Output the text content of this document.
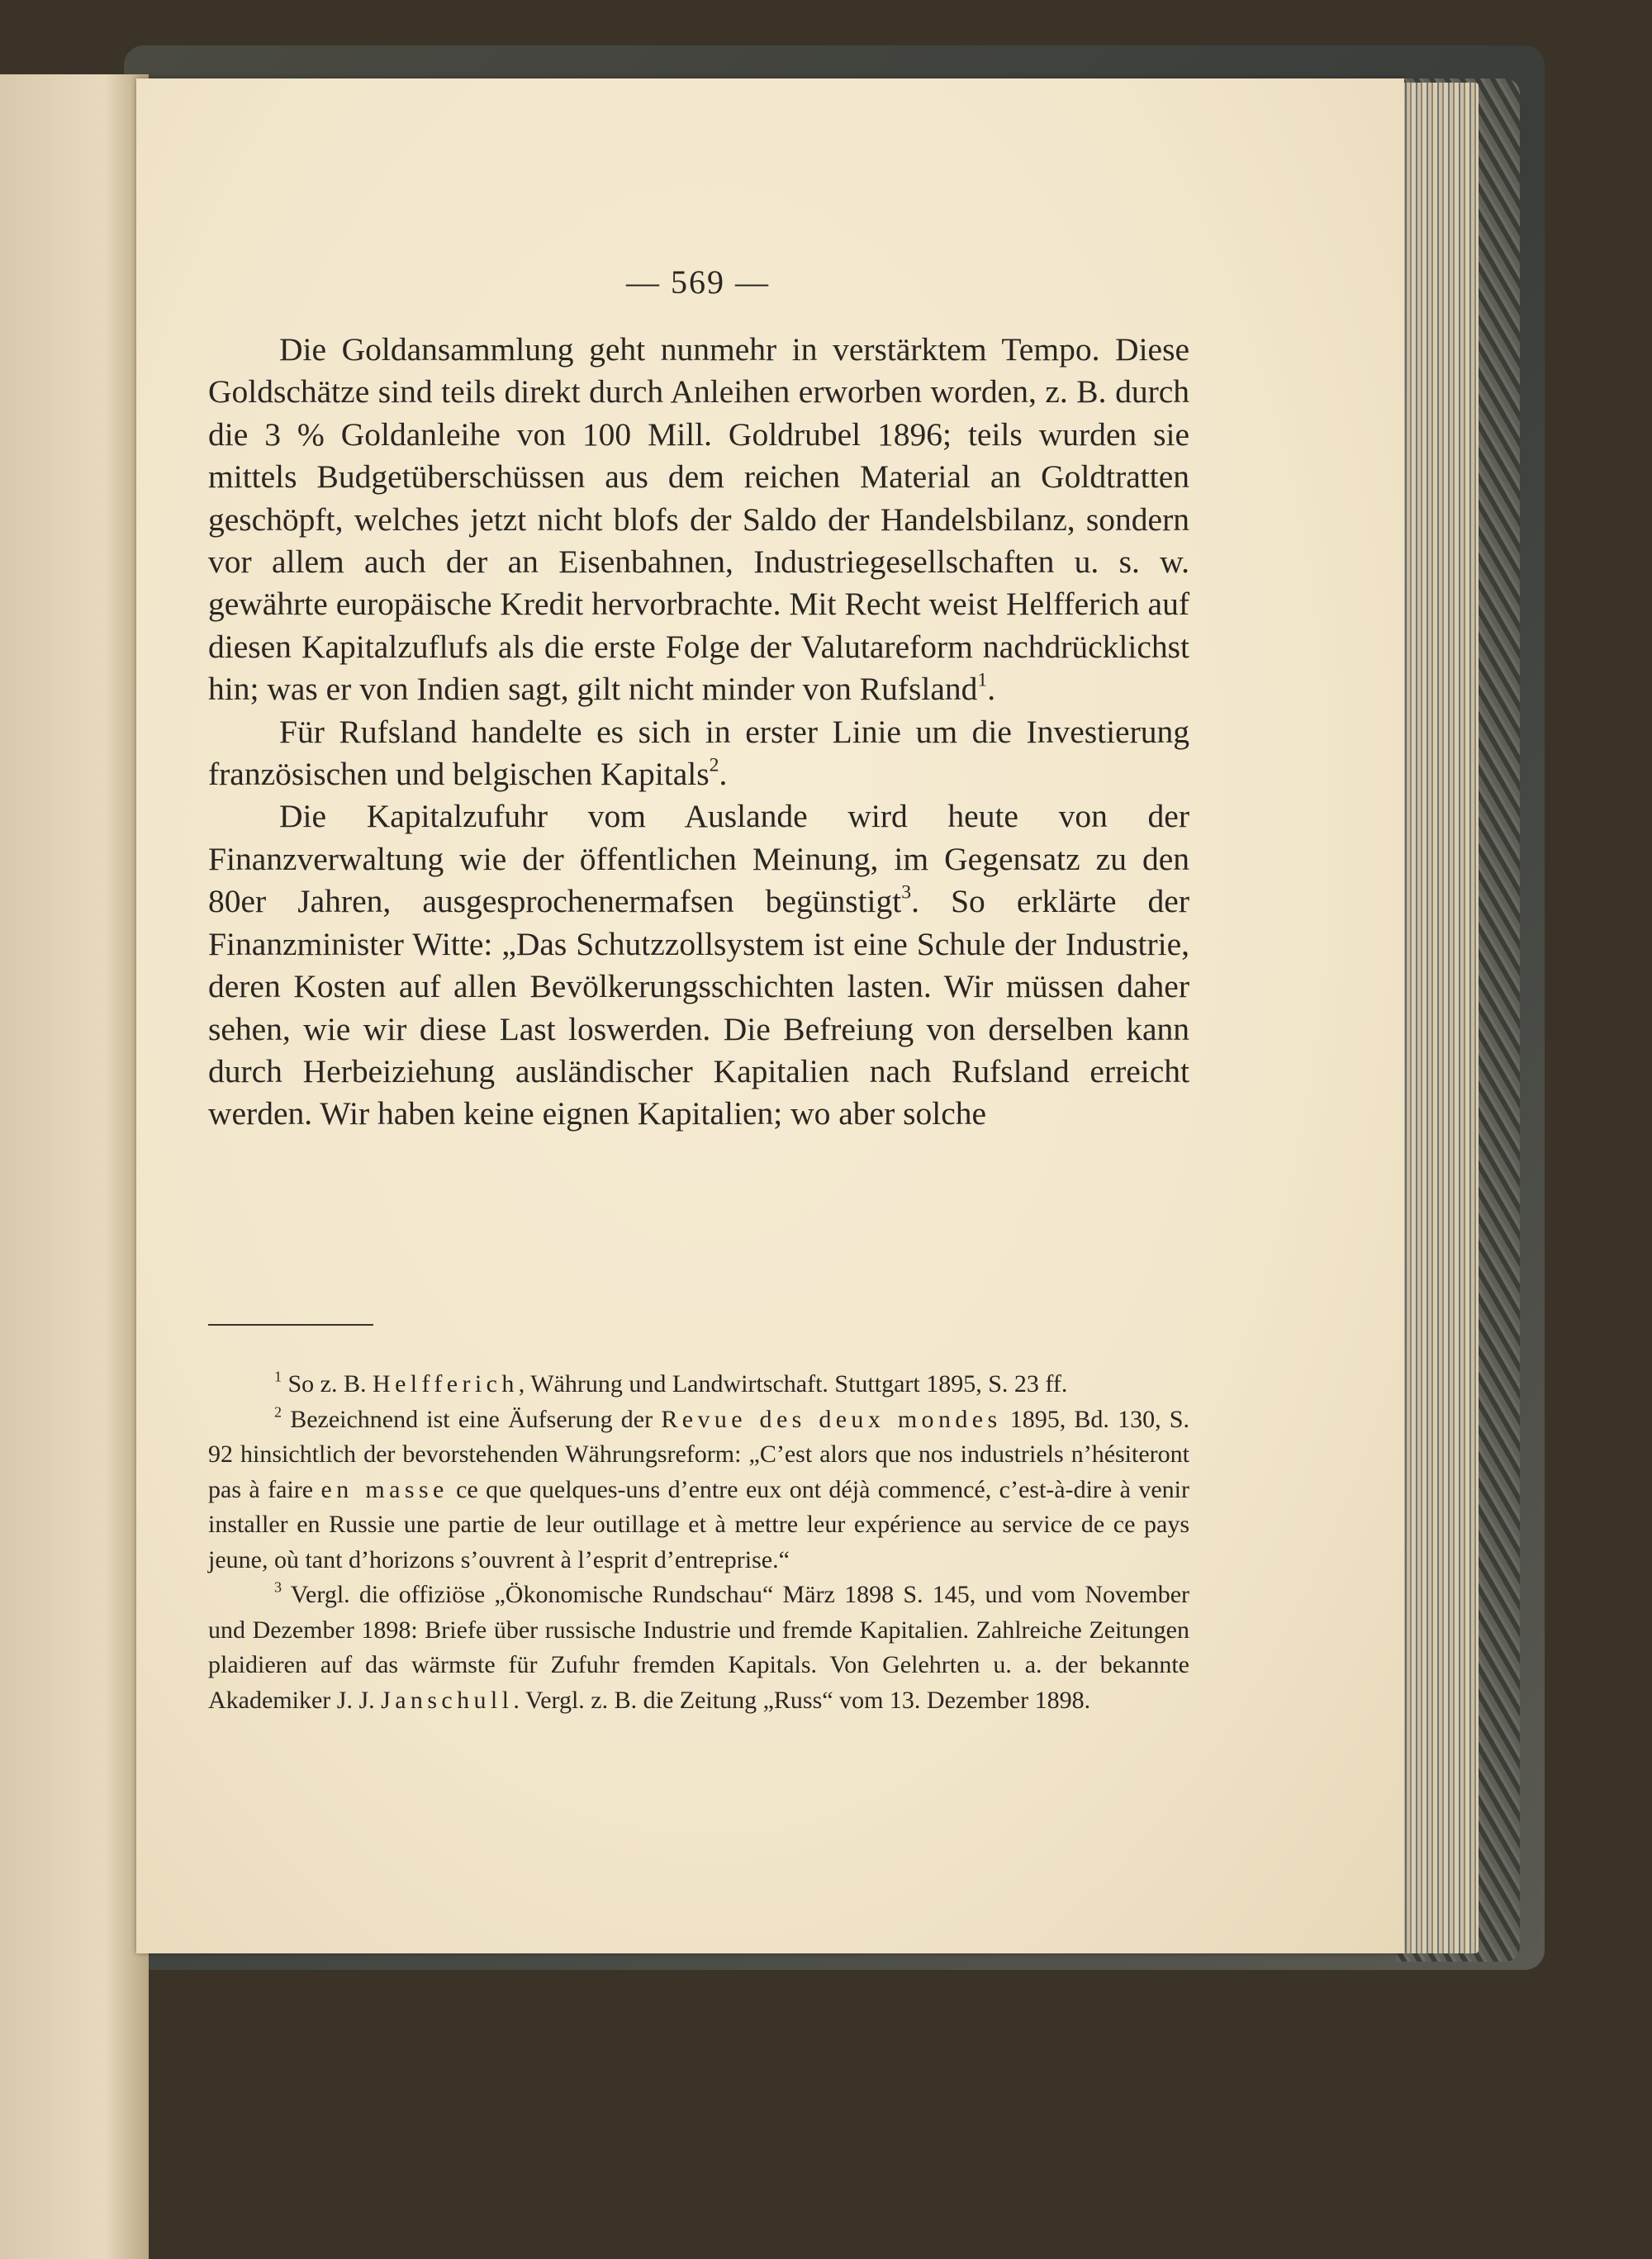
— 569 —

Die Goldansammlung geht nunmehr in verstärktem Tempo. Diese Goldschätze sind teils direkt durch Anleihen erworben worden, z. B. durch die 3 % Goldanleihe von 100 Mill. Goldrubel 1896; teils wurden sie mittels Budgetüberschüssen aus dem reichen Material an Goldtratten geschöpft, welches jetzt nicht blofs der Saldo der Handelsbilanz, sondern vor allem auch der an Eisenbahnen, Industriegesellschaften u. s. w. gewährte europäische Kredit hervorbrachte. Mit Recht weist Helfferich auf diesen Kapitalzuflufs als die erste Folge der Valutareform nachdrücklichst hin; was er von Indien sagt, gilt nicht minder von Rufsland$^1$.

Für Rufsland handelte es sich in erster Linie um die Investierung französischen und belgischen Kapitals$^2$.

Die Kapitalzufuhr vom Auslande wird heute von der Finanzverwaltung wie der öffentlichen Meinung, im Gegensatz zu den 80er Jahren, ausgesprochenermafsen begünstigt$^3$. So erklärte der Finanzminister Witte: „Das Schutzzollsystem ist eine Schule der Industrie, deren Kosten auf allen Bevölkerungsschichten lasten. Wir müssen daher sehen, wie wir diese Last loswerden. Die Befreiung von derselben kann durch Herbeiziehung ausländischer Kapitalien nach Rufsland erreicht werden. Wir haben keine eignen Kapitalien; wo aber solche

$^1$ So z. B. Helfferich, Währung und Landwirtschaft. Stuttgart 1895, S. 23 ff.

$^2$ Bezeichnend ist eine Äufserung der Revue des deux mondes 1895, Bd. 130, S. 92 hinsichtlich der bevorstehenden Währungsreform: „C’est alors que nos industriels n’hésiteront pas à faire en masse ce que quelques-uns d’entre eux ont déjà commencé, c’est-à-dire à venir installer en Russie une partie de leur outillage et à mettre leur expérience au service de ce pays jeune, où tant d’horizons s’ouvrent à l’esprit d’entreprise.“

$^3$ Vergl. die offiziöse „Ökonomische Rundschau“ März 1898 S. 145, und vom November und Dezember 1898: Briefe über russische Industrie und fremde Kapitalien. Zahlreiche Zeitungen plaidieren auf das wärmste für Zufuhr fremden Kapitals. Von Gelehrten u. a. der bekannte Akademiker J. J. Janschull. Vergl. z. B. die Zeitung „Russ“ vom 13. Dezember 1898.
